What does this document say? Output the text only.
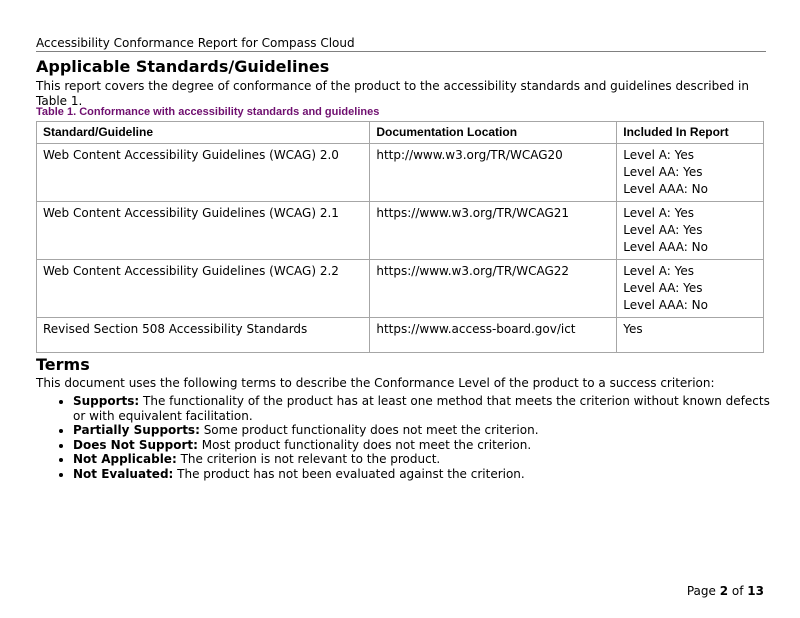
Accessibility Conformance Report for Compass Cloud
Applicable Standards/Guidelines

This report covers the degree of conformance of the product to the accessibility standards and guidelines described in Table 1.

Table 1. Conformance with accessibility standards and guidelines
Standard/Guideline	Documentation Location	Included In Report
Web Content Accessibility Guidelines (WCAG) 2.0	http://www.w3.org/TR/WCAG20	Level A: Yes
Level AA: Yes
Level AAA: No

Web Content Accessibility Guidelines (WCAG) 2.1	https://www.w3.org/TR/WCAG21	Level A: Yes
Level AA: Yes
Level AAA: No

Web Content Accessibility Guidelines (WCAG) 2.2	https://www.w3.org/TR/WCAG22	Level A: Yes
Level AA: Yes
Level AAA: No

Revised Section 508 Accessibility Standards	https://www.access-board.gov/ict	Yes
Terms

This document uses the following terms to describe the Conformance Level of the product to a success criterion:

• Supports: The functionality of the product has at least one method that meets the criterion without known defects or with equivalent facilitation.
• Partially Supports: Some product functionality does not meet the criterion.
• Does Not Support: Most product functionality does not meet the criterion.
• Not Applicable: The criterion is not relevant to the product.
• Not Evaluated: The product has not been evaluated against the criterion.
Page 2 of 13
